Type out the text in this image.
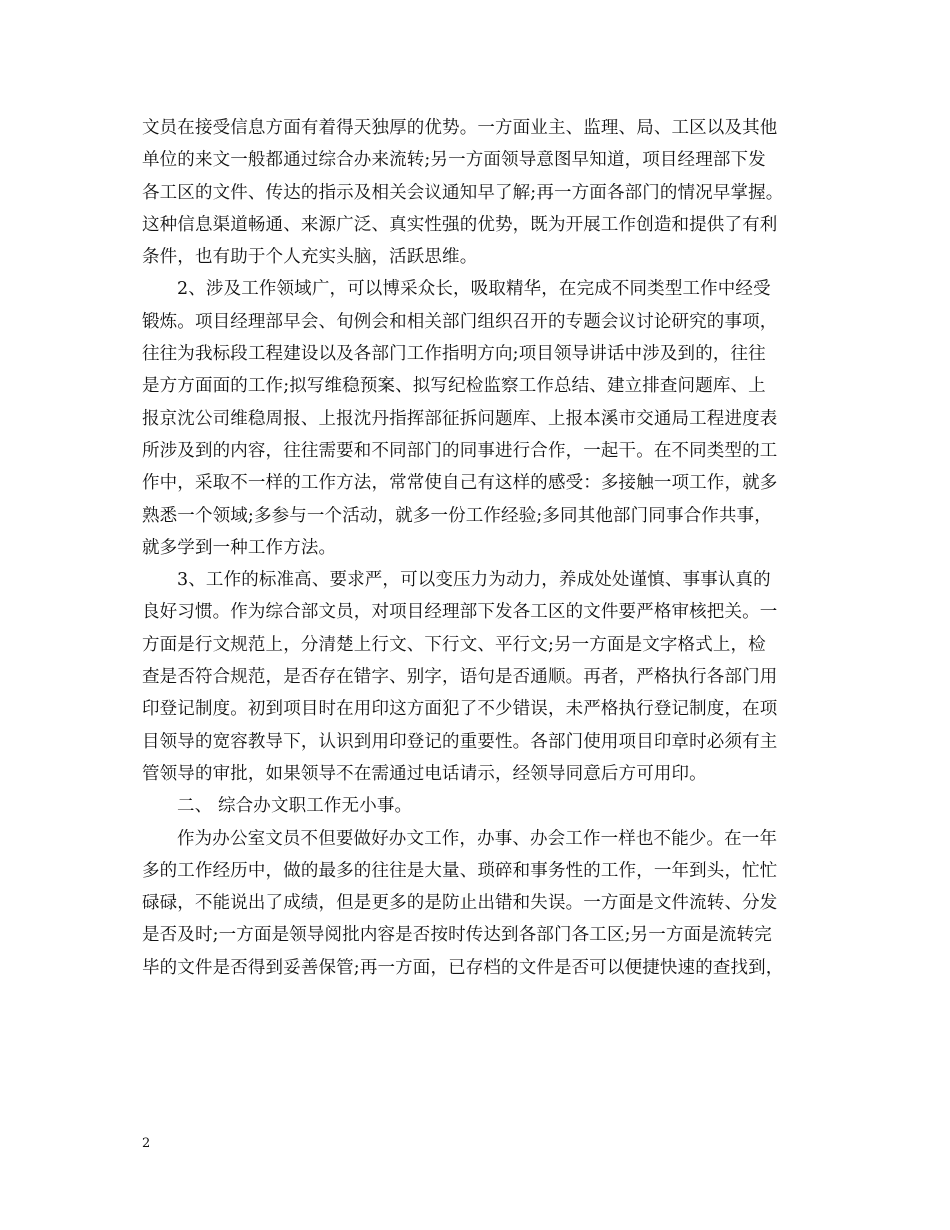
文员在接受信息方面有着得天独厚的优势。一方面业主、监理、局、工区以及其他
单位的来文一般都通过综合办来流转;另一方面领导意图早知道，项目经理部下发
各工区的文件、传达的指示及相关会议通知早了解;再一方面各部门的情况早掌握。
这种信息渠道畅通、来源广泛、真实性强的优势，既为开展工作创造和提供了有利
条件，也有助于个人充实头脑，活跃思维。
2、涉及工作领域广，可以博采众长，吸取精华，在完成不同类型工作中经受
锻炼。项目经理部早会、旬例会和相关部门组织召开的专题会议讨论研究的事项，
往往为我标段工程建设以及各部门工作指明方向;项目领导讲话中涉及到的，往往
是方方面面的工作;拟写维稳预案、拟写纪检监察工作总结、建立排查问题库、上
报京沈公司维稳周报、上报沈丹指挥部征拆问题库、上报本溪市交通局工程进度表
所涉及到的内容，往往需要和不同部门的同事进行合作，一起干。在不同类型的工
作中，采取不一样的工作方法，常常使自己有这样的感受：多接触一项工作，就多
熟悉一个领域;多参与一个活动，就多一份工作经验;多同其他部门同事合作共事，
就多学到一种工作方法。
3、工作的标准高、要求严，可以变压力为动力，养成处处谨慎、事事认真的
良好习惯。作为综合部文员，对项目经理部下发各工区的文件要严格审核把关。一
方面是行文规范上，分清楚上行文、下行文、平行文;另一方面是文字格式上，检
查是否符合规范，是否存在错字、别字，语句是否通顺。再者，严格执行各部门用
印登记制度。初到项目时在用印这方面犯了不少错误，未严格执行登记制度，在项
目领导的宽容教导下，认识到用印登记的重要性。各部门使用项目印章时必须有主
管领导的审批，如果领导不在需通过电话请示，经领导同意后方可用印。
二、 综合办文职工作无小事。
作为办公室文员不但要做好办文工作，办事、办会工作一样也不能少。在一年
多的工作经历中，做的最多的往往是大量、琐碎和事务性的工作，一年到头，忙忙
碌碌，不能说出了成绩，但是更多的是防止出错和失误。一方面是文件流转、分发
是否及时;一方面是领导阅批内容是否按时传达到各部门各工区;另一方面是流转完
毕的文件是否得到妥善保管;再一方面，已存档的文件是否可以便捷快速的查找到，
2
